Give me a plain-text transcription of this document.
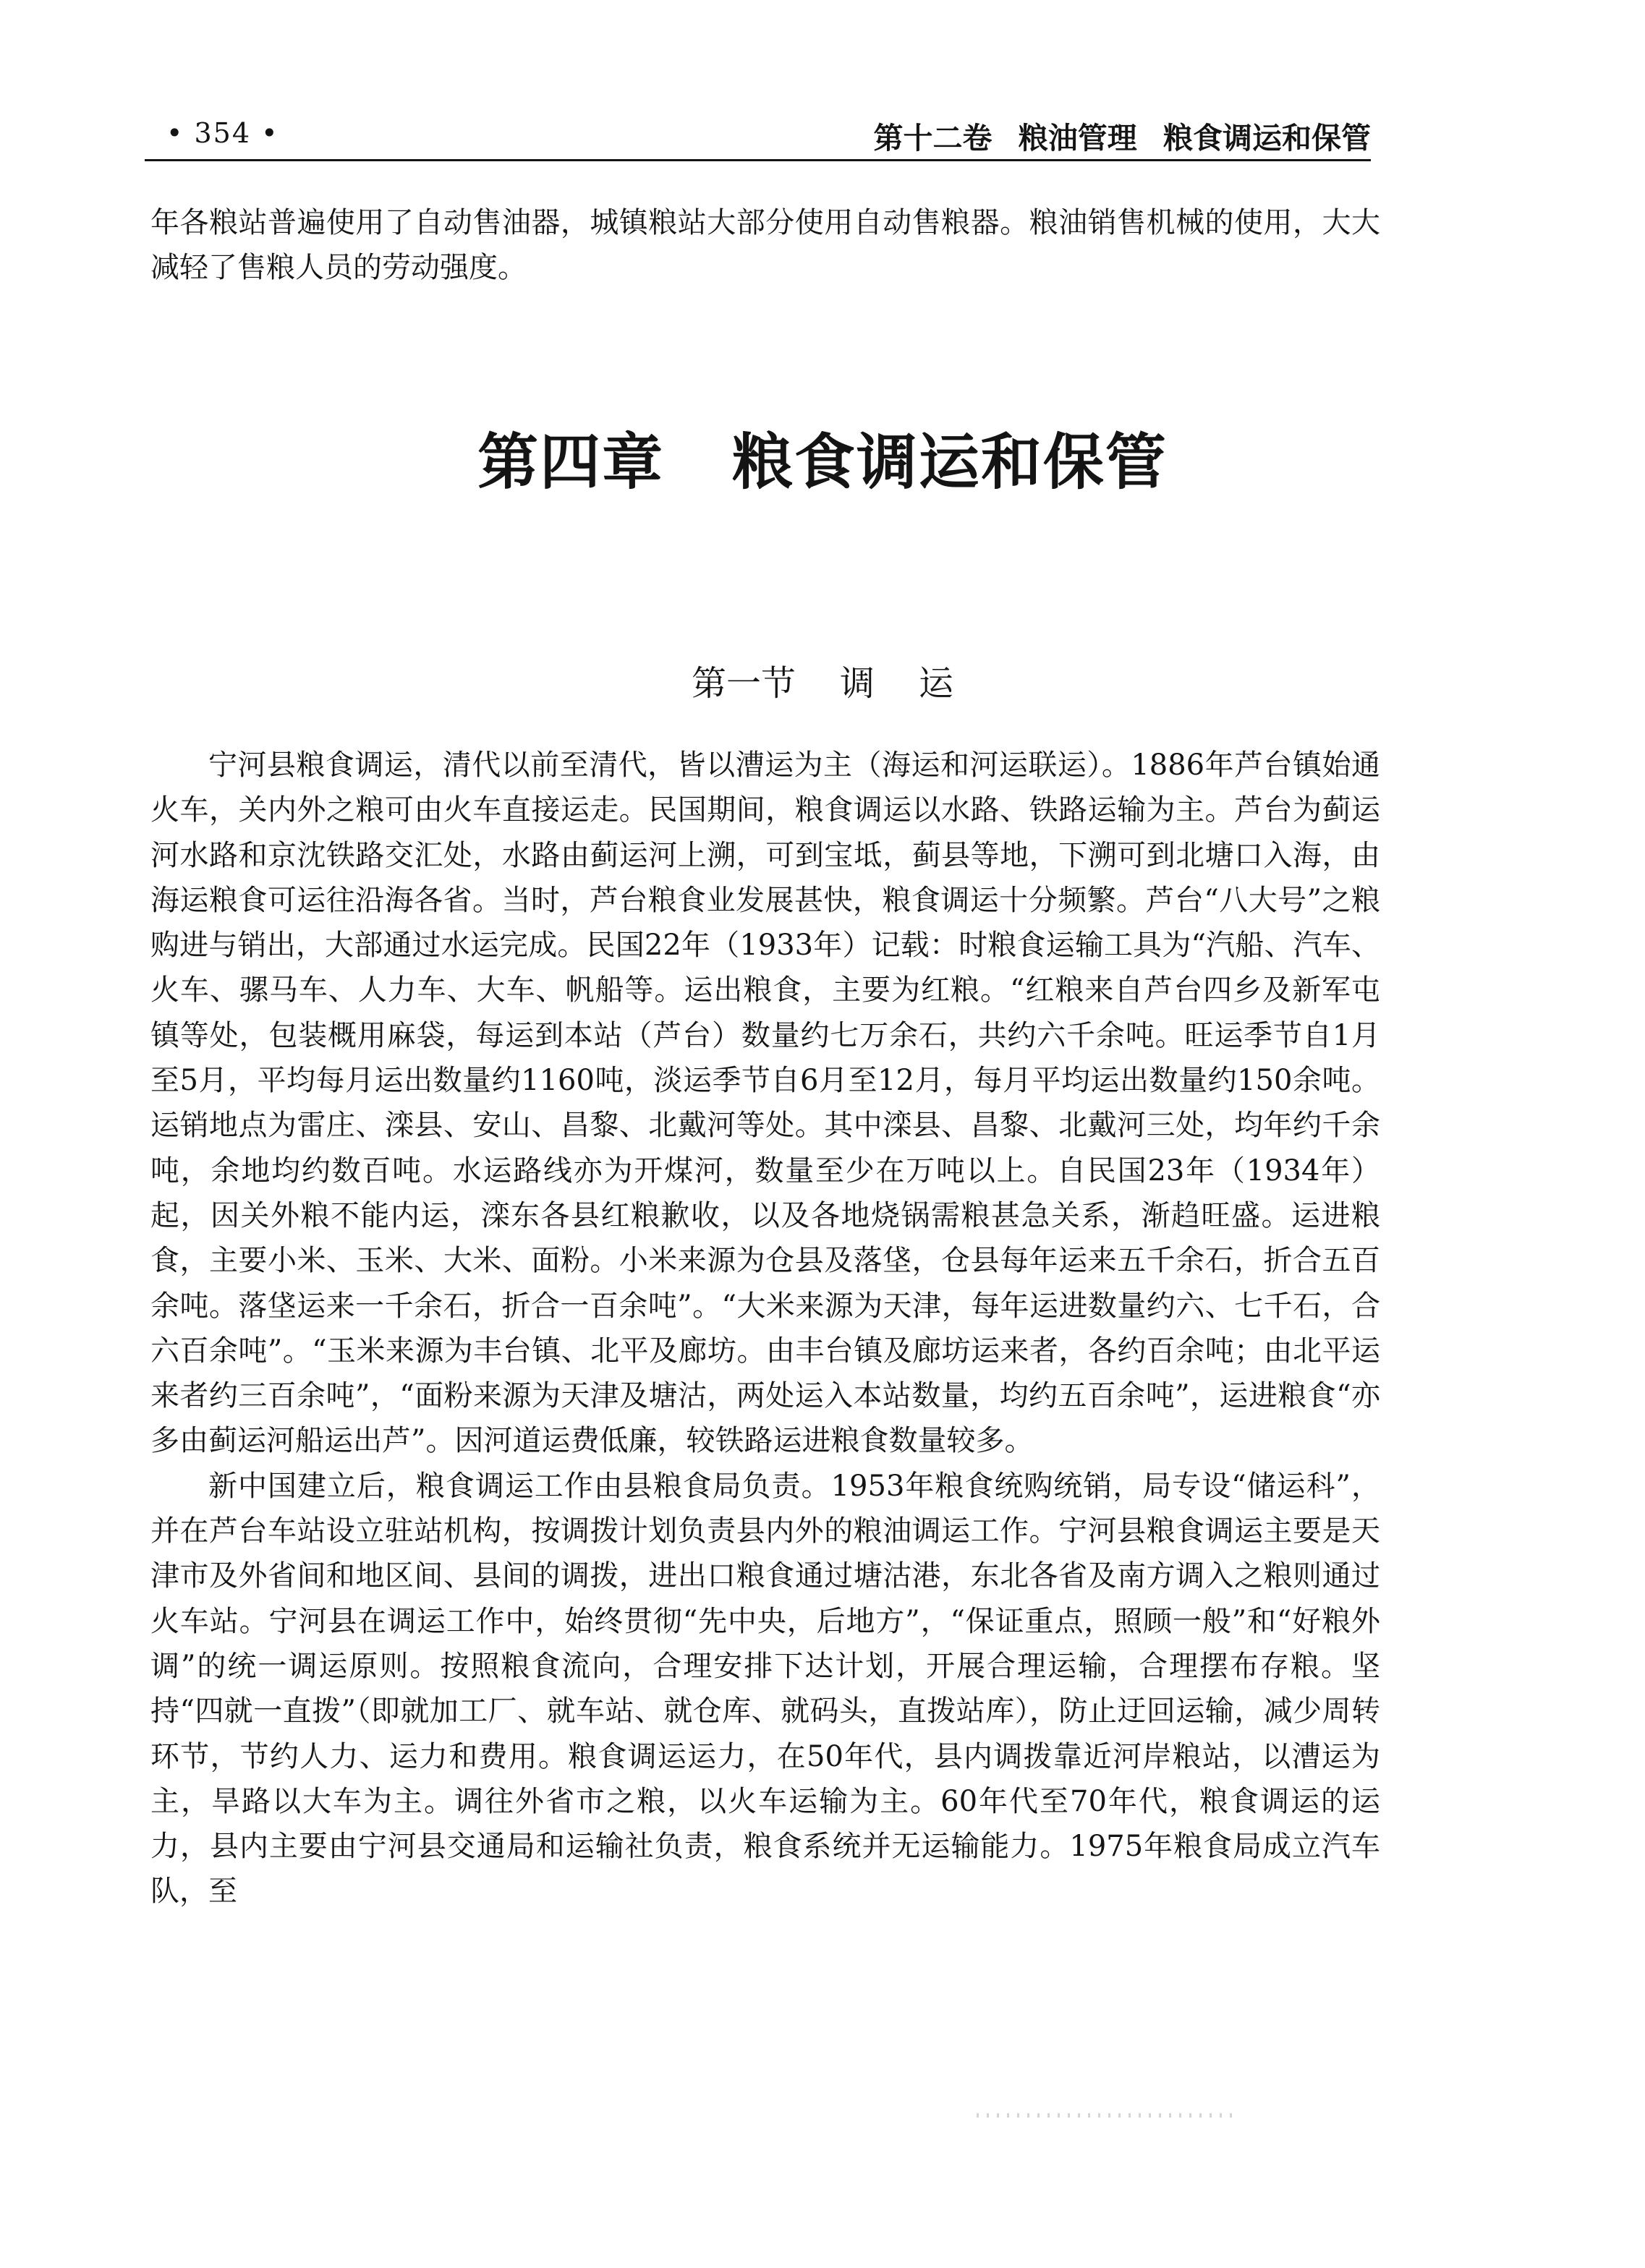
• 354 •	第十二卷 粮油管理 粮食调运和保管

年各粮站普遍使用了自动售油器，城镇粮站大部分使用自动售粮器。粮油销售机械的使用，大大减轻了售粮人员的劳动强度。

第四章   粮食调运和保管
第一节    调    运

宁河县粮食调运，清代以前至清代，皆以漕运为主（海运和河运联运）。1886年芦台镇始通火车，关内外之粮可由火车直接运走。民国期间，粮食调运以水路、铁路运输为主。芦台为蓟运河水路和京沈铁路交汇处，水路由蓟运河上溯，可到宝坻，蓟县等地，下溯可到北塘口入海，由海运粮食可运往沿海各省。当时，芦台粮食业发展甚快，粮食调运十分频繁。芦台“八大号”之粮购进与销出，大部通过水运完成。民国22年（1933年）记载：时粮食运输工具为“汽船、汽车、火车、骡马车、人力车、大车、帆船等。运出粮食，主要为红粮。“红粮来自芦台四乡及新军屯镇等处，包装概用麻袋，每运到本站（芦台）数量约七万余石，共约六千余吨。旺运季节自1月至5月，平均每月运出数量约1160吨，淡运季节自6月至12月，每月平均运出数量约150余吨。运销地点为雷庄、滦县、安山、昌黎、北戴河等处。其中滦县、昌黎、北戴河三处，均年约千余吨，余地均约数百吨。水运路线亦为开煤河，数量至少在万吨以上。自民国23年（1934年）起，因关外粮不能内运，滦东各县红粮歉收，以及各地烧锅需粮甚急关系，渐趋旺盛。运进粮食，主要小米、玉米、大米、面粉。小米来源为仓县及落垡，仓县每年运来五千余石，折合五百余吨。落垡运来一千余石，折合一百余吨”。“大米来源为天津，每年运进数量约六、七千石，合六百余吨”。“玉米来源为丰台镇、北平及廊坊。由丰台镇及廊坊运来者，各约百余吨；由北平运来者约三百余吨”，“面粉来源为天津及塘沽，两处运入本站数量，均约五百余吨”，运进粮食“亦多由蓟运河船运出芦”。因河道运费低廉，较铁路运进粮食数量较多。

新中国建立后，粮食调运工作由县粮食局负责。1953年粮食统购统销，局专设“储运科”，并在芦台车站设立驻站机构，按调拨计划负责县内外的粮油调运工作。宁河县粮食调运主要是天津市及外省间和地区间、县间的调拨，进出口粮食通过塘沽港，东北各省及南方调入之粮则通过火车站。宁河县在调运工作中，始终贯彻“先中央，后地方”，“保证重点，照顾一般”和“好粮外调”的统一调运原则。按照粮食流向，合理安排下达计划，开展合理运输，合理摆布存粮。坚持“四就一直拨”（即就加工厂、就车站、就仓库、就码头，直拨站库），防止迂回运输，减少周转环节，节约人力、运力和费用。粮食调运运力，在50年代，县内调拨靠近河岸粮站，以漕运为主，旱路以大车为主。调往外省市之粮，以火车运输为主。60年代至70年代，粮食调运的运力，县内主要由宁河县交通局和运输社负责，粮食系统并无运输能力。1975年粮食局成立汽车队，至
